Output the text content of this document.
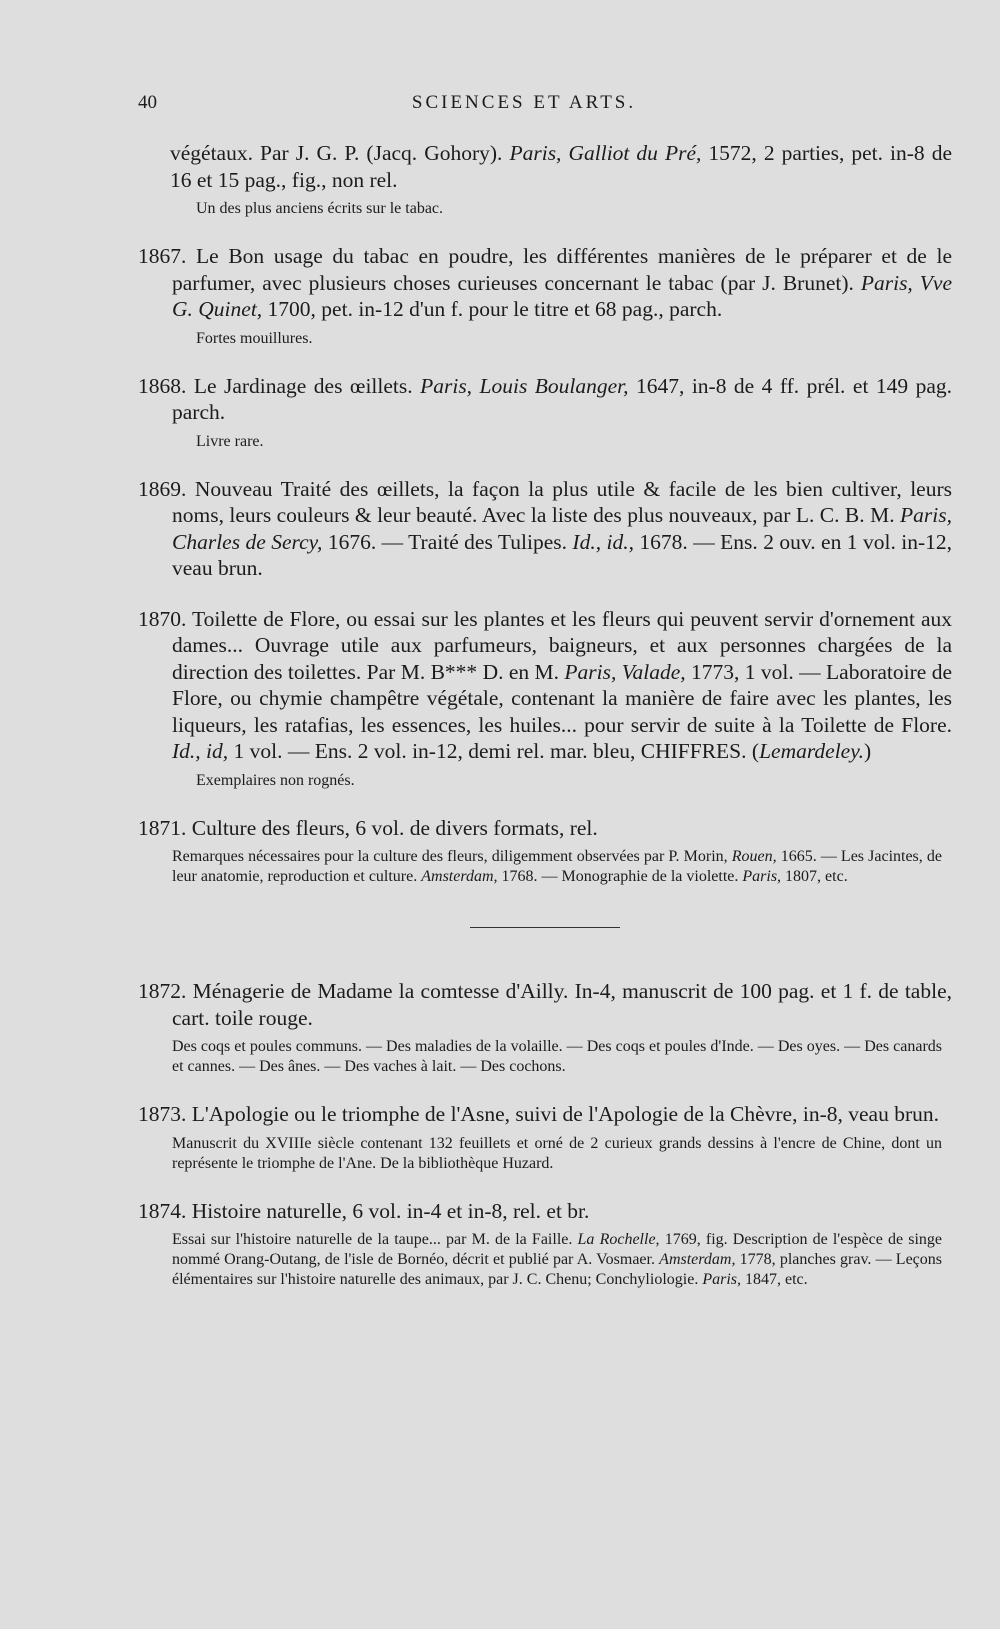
40	SCIENCES ET ARTS.

végétaux. Par J. G. P. (Jacq. Gohory). Paris, Galliot du Pré, 1572, 2 parties, pet. in-8 de 16 et 15 pag., fig., non rel.

Un des plus anciens écrits sur le tabac.

1867. Le Bon usage du tabac en poudre, les différentes manières de le préparer et de le parfumer, avec plusieurs choses curieuses concernant le tabac (par J. Brunet). Paris, Vve G. Quinet, 1700, pet. in-12 d'un f. pour le titre et 68 pag., parch.

Fortes mouillures.

1868. Le Jardinage des œillets. Paris, Louis Boulanger, 1647, in-8 de 4 ff. prél. et 149 pag. parch.

Livre rare.

1869. Nouveau Traité des œillets, la façon la plus utile & facile de les bien cultiver, leurs noms, leurs couleurs & leur beauté. Avec la liste des plus nouveaux, par L. C. B. M. Paris, Charles de Sercy, 1676. — Traité des Tulipes. Id., id., 1678. — Ens. 2 ouv. en 1 vol. in-12, veau brun.

1870. Toilette de Flore, ou essai sur les plantes et les fleurs qui peuvent servir d'ornement aux dames... Ouvrage utile aux parfumeurs, baigneurs, et aux personnes chargées de la direction des toilettes. Par M. B*** D. en M. Paris, Valade, 1773, 1 vol. — Laboratoire de Flore, ou chymie champêtre végétale, contenant la manière de faire avec les plantes, les liqueurs, les ratafias, les essences, les huiles... pour servir de suite à la Toilette de Flore. Id., id, 1 vol. — Ens. 2 vol. in-12, demi rel. mar. bleu, CHIFFRES. (Lemardeley.)

Exemplaires non rognés.

1871. Culture des fleurs, 6 vol. de divers formats, rel.

Remarques nécessaires pour la culture des fleurs, diligemment observées par P. Morin, Rouen, 1665. — Les Jacintes, de leur anatomie, reproduction et culture. Amsterdam, 1768. — Monographie de la violette. Paris, 1807, etc.

1872. Ménagerie de Madame la comtesse d'Ailly. In-4, manuscrit de 100 pag. et 1 f. de table, cart. toile rouge.

Des coqs et poules communs. — Des maladies de la volaille. — Des coqs et poules d'Inde. — Des oyes. — Des canards et cannes. — Des ânes. — Des vaches à lait. — Des cochons.

1873. L'Apologie ou le triomphe de l'Asne, suivi de l'Apologie de la Chèvre, in-8, veau brun.

Manuscrit du XVIIIe siècle contenant 132 feuillets et orné de 2 curieux grands dessins à l'encre de Chine, dont un représente le triomphe de l'Ane. De la bibliothèque Huzard.

1874. Histoire naturelle, 6 vol. in-4 et in-8, rel. et br.

Essai sur l'histoire naturelle de la taupe... par M. de la Faille. La Rochelle, 1769, fig. Description de l'espèce de singe nommé Orang-Outang, de l'isle de Bornéo, décrit et publié par A. Vosmaer. Amsterdam, 1778, planches grav. — Leçons élémentaires sur l'histoire naturelle des animaux, par J. C. Chenu; Conchyliologie. Paris, 1847, etc.
